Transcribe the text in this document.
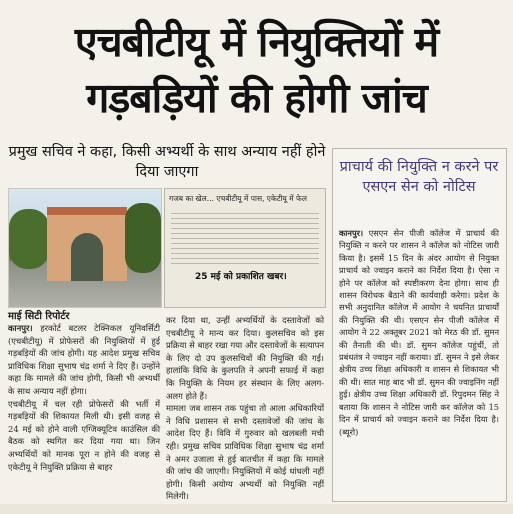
एचबीटीयू में नियुक्तियों में
गड़बड़ियों की होगी जांच
प्रमुख सचिव ने कहा, किसी अभ्यर्थी के साथ अन्याय नहीं होने दिया जाएगा
माई सिटी रिपोर्टर
गजब का खेल... एचबीटीयू में पास, एकेटीयू में फेल
25 मई को प्रकाशित खबर।

कानपुर। हरकोर्ट बटलर टेक्निकल यूनिवर्सिटी (एचबीटीयू) में प्रोफेसरों की नियुक्तियों में हुई गड़बड़ियों की जांच होगी। यह आदेश प्रमुख सचिव प्राविधिक शिक्षा सुभाष चंद्र शर्मा ने दिए हैं। उन्होंने कहा कि मामले की जांच होगी, किसी भी अभ्यर्थी के साथ अन्याय नहीं होगा।

एचबीटीयू में चल रही प्रोफेसरों की भर्ती में गड़बड़ियों की शिकायत मिली थी। इसी वजह से 24 मई को होने वाली एग्जिक्यूटिव काउंसिल की बैठक को स्थगित कर दिया गया था। जिन अभ्यर्थियों को मानक पूरा न होने की वजह से एकेटीयू ने नियुक्ति प्रक्रिया से बाहर

कर दिया था, उन्हीं अभ्यर्थियों के दस्तावेजों को एचबीटीयू ने मान्य कर दिया। कुलसचिव को इस प्रक्रिया से बाहर रखा गया और दस्तावेजों के सत्यापन के लिए दो उप कुलसचिवों की नियुक्ति की गई। हालांकि विधि के कुलपति ने अपनी सफाई में कहा कि नियुक्ति के नियम हर संस्थान के लिए अलग-अलग होते हैं।

मामला जब शासन तक पहुंचा तो आला अधिकारियों ने विधि प्रशासन से सभी दस्तावेजों की जांच के आदेश दिए हैं। विवि में गुरुवार को खलबली मची रही। प्रमुख सचिव प्राविधिक शिक्षा सुभाष चंद्र शर्मा ने अमर उजाला से हुई बातचीत में कहा कि मामले की जांच की जाएगी। नियुक्तियों में कोई धांधली नहीं होगी। किसी अयोग्य अभ्यर्थी को नियुक्ति नहीं मिलेगी।

प्राचार्य की नियुक्ति न करने पर एसएन सेन को नोटिस
कानपुर। एसएन सेन पीजी कॉलेज में प्राचार्य की नियुक्ति न करने पर शासन ने कॉलेज को नोटिस जारी किया है। इसमें 15 दिन के अंदर आयोग से नियुक्त प्राचार्य को ज्वाइन कराने का निर्देश दिया है। ऐसा न होने पर कॉलेज को स्पष्टीकरण देना होगा। साथ ही शासन विरोधक बैठाने की कार्यवाही करेगा। प्रदेश के सभी अनुदानित कॉलेज में आयोग ने चयनित प्राचार्यों की नियुक्ति की थी। एसएन सेन पीजी कॉलेज में आयोग ने 22 अक्तूबर 2021 को मेरठ की डॉ. सुमन की तैनाती की थी। डॉ. सुमन कॉलेज पहुंचीं, तो प्रबंधतंत्र ने ज्वाइन नहीं कराया। डॉ. सुमन ने इसे लेकर क्षेत्रीय उच्च शिक्षा अधिकारी व शासन से शिकायत भी की थी। सात माह बाद भी डॉ. सुमन की ज्वाइनिंग नहीं हुई। क्षेत्रीय उच्च शिक्षा अधिकारी डॉ. रिपुदमन सिंह ने बताया कि शासन ने नोटिस जारी कर कॉलेज को 15 दिन में प्राचार्य को ज्वाइन कराने का निर्देश दिया है। (ब्यूरो)
